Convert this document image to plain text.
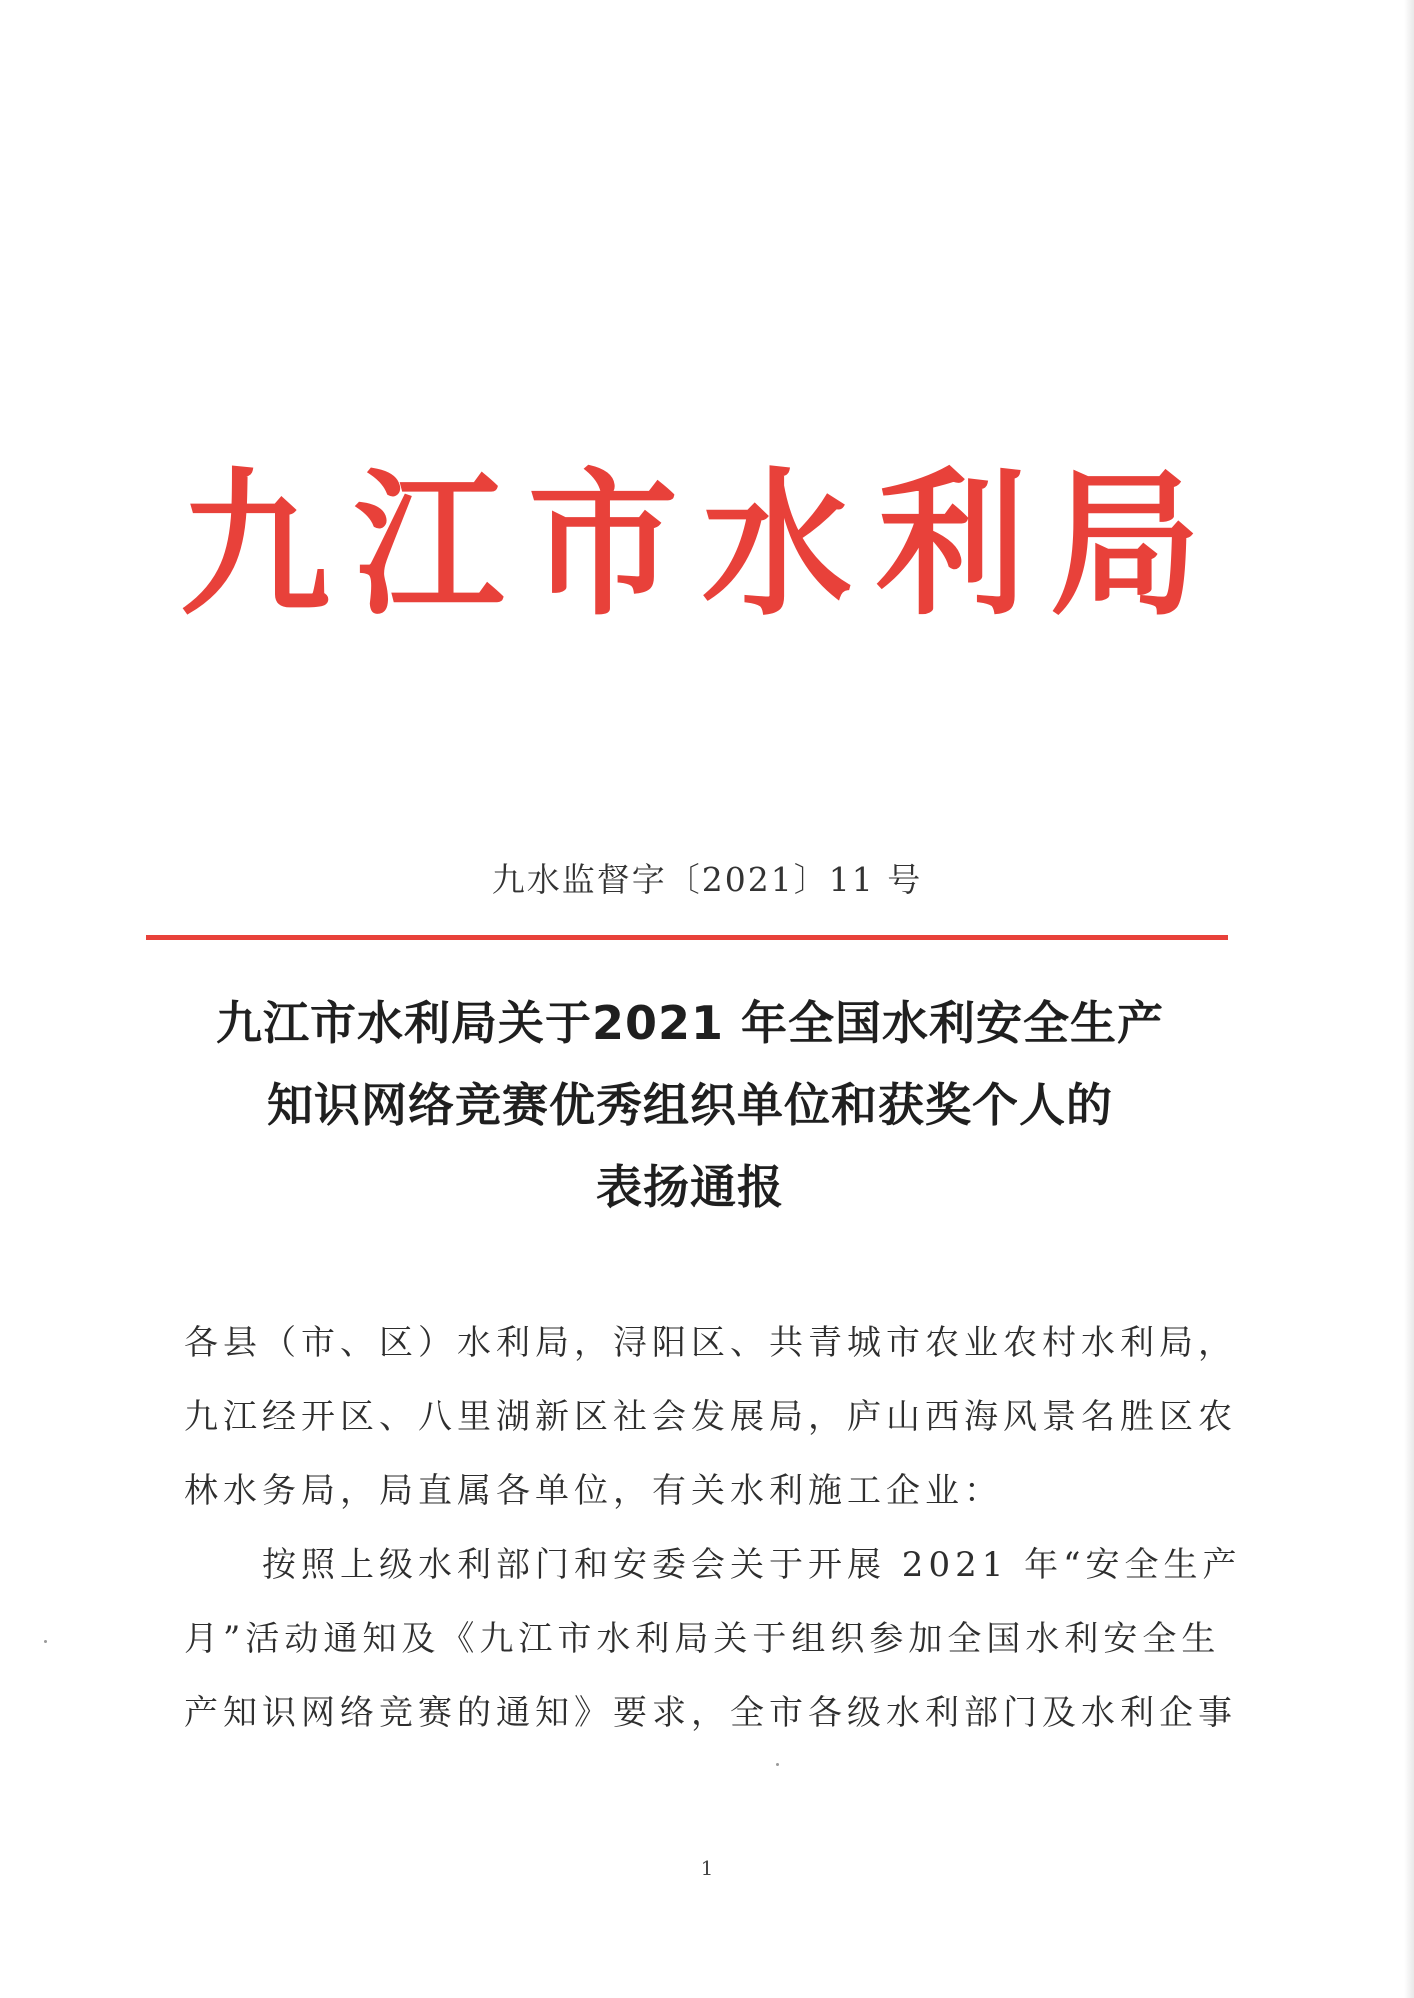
九 江 市 水 利 局
九水监督字〔2021〕11 号
九江市水利局关于2021 年全国水利安全生产
知识网络竞赛优秀组织单位和获奖个人的
表扬通报
各县（市、区）水利局，浔阳区、共青城市农业农村水利局，
九江经开区、八里湖新区社会发展局，庐山西海风景名胜区农
林水务局，局直属各单位，有关水利施工企业：
　　按照上级水利部门和安委会关于开展 2021 年“安全生产
月”活动通知及《九江市水利局关于组织参加全国水利安全生
产知识网络竞赛的通知》要求，全市各级水利部门及水利企事
1
